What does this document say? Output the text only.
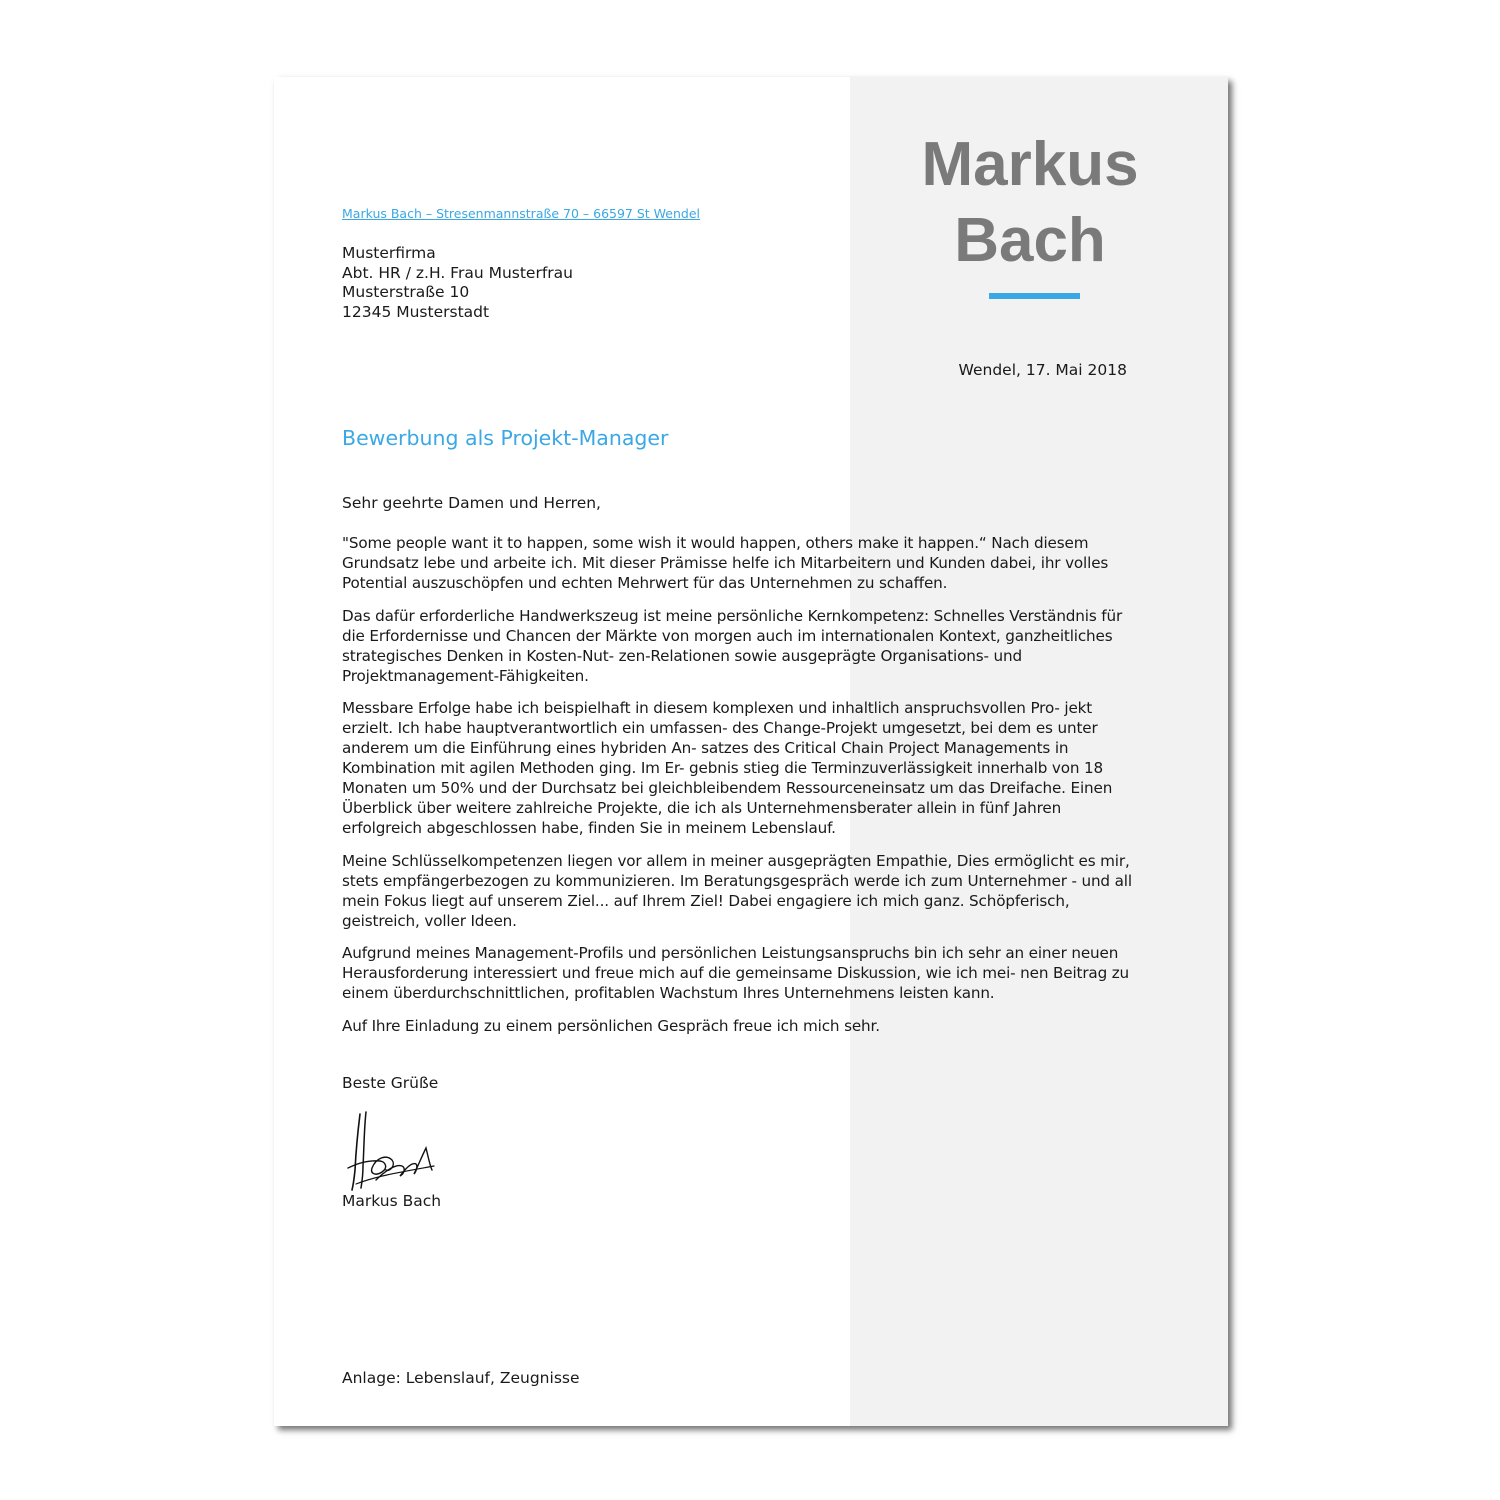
Markus
Bach
Markus Bach – Stresenmannstraße 70 – 66597 St Wendel
Musterfirma
Abt. HR / z.H. Frau Musterfrau
Musterstraße 10
12345 Musterstadt
Wendel, 17. Mai 2018
Bewerbung als Projekt-Manager
Sehr geehrte Damen und Herren,

"Some people want it to happen, some wish it would happen, others make it happen.“ Nach diesem Grundsatz lebe und arbeite ich. Mit dieser Prämisse helfe ich Mitarbeitern und Kunden dabei, ihr volles Potential auszuschöpfen und echten Mehrwert für das Unternehmen zu schaffen.

Das dafür erforderliche Handwerkszeug ist meine persönliche Kernkompetenz: Schnelles Verständnis für die Erfordernisse und Chancen der Märkte von morgen auch im internationalen Kontext, ganzheitliches strategisches Denken in Kosten-Nut- zen-Relationen sowie ausgeprägte Organisations- und Projektmanagement-Fähigkeiten.

Messbare Erfolge habe ich beispielhaft in diesem komplexen und inhaltlich anspruchsvollen Pro- jekt erzielt. Ich habe hauptverantwortlich ein umfassen- des Change-Projekt umgesetzt, bei dem es unter anderem um die Einführung eines hybriden An- satzes des Critical Chain Project Managements in Kombination mit agilen Methoden ging. Im Er- gebnis stieg die Terminzuverlässigkeit innerhalb von 18 Monaten um 50% und der Durchsatz bei gleichbleibendem Ressourceneinsatz um das Dreifache. Einen Überblick über weitere zahlreiche Projekte, die ich als Unternehmensberater allein in fünf Jahren erfolgreich abgeschlossen habe, finden Sie in meinem Lebenslauf.

Meine Schlüsselkompetenzen liegen vor allem in meiner ausgeprägten Empathie, Dies ermöglicht es mir, stets empfängerbezogen zu kommunizieren. Im Beratungsgespräch werde ich zum Unternehmer - und all mein Fokus liegt auf unserem Ziel... auf Ihrem Ziel! Dabei engagiere ich mich ganz. Schöpferisch, geistreich, voller Ideen.

Aufgrund meines Management-Profils und persönlichen Leistungsanspruchs bin ich sehr an einer neuen Herausforderung interessiert und freue mich auf die gemeinsame Diskussion, wie ich mei- nen Beitrag zu einem überdurchschnittlichen, profitablen Wachstum Ihres Unternehmens leisten kann.

Auf Ihre Einladung zu einem persönlichen Gespräch freue ich mich sehr.

Beste Grüße
Markus Bach
Anlage: Lebenslauf, Zeugnisse
